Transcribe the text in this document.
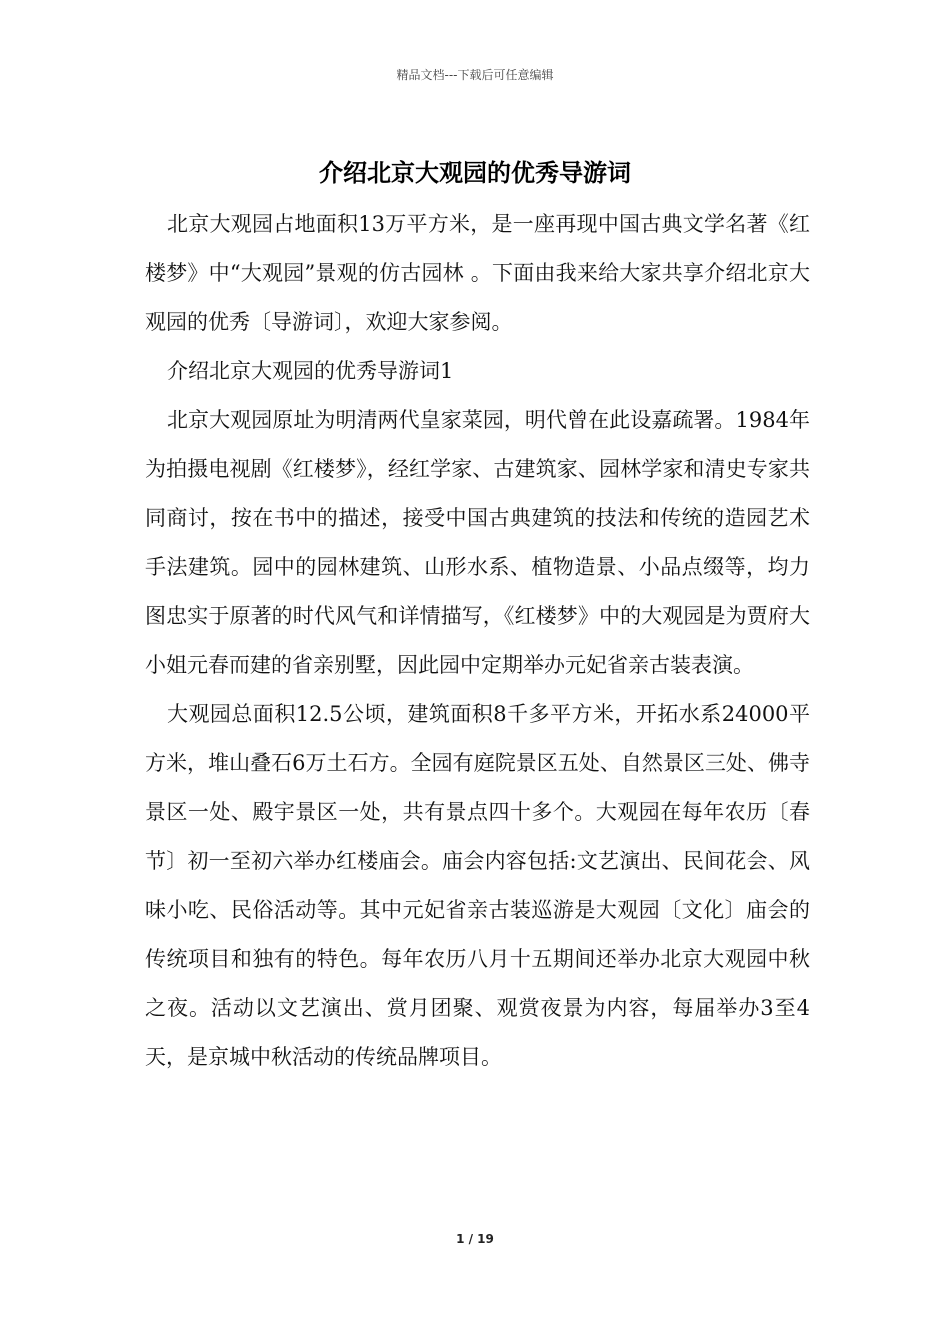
精品文档---下载后可任意编辑
介绍北京大观园的优秀导游词

北京大观园占地面积13万平方米，是一座再现中国古典文学名著《红楼梦》中“大观园”景观的仿古园林 。下面由我来给大家共享介绍北京大观园的优秀〔导游词〕，欢迎大家参阅。

介绍北京大观园的优秀导游词1

北京大观园原址为明清两代皇家菜园，明代曾在此设嘉疏署。1984年为拍摄电视剧《红楼梦》，经红学家、古建筑家、园林学家和清史专家共同商讨，按在书中的描述，接受中国古典建筑的技法和传统的造园艺术手法建筑。园中的园林建筑、山形水系、植物造景、小品点缀等，均力图忠实于原著的时代风气和详情描写，《红楼梦》中的大观园是为贾府大小姐元春而建的省亲别墅，因此园中定期举办元妃省亲古装表演。

大观园总面积12.5公顷，建筑面积8千多平方米，开拓水系24000平方米，堆山叠石6万土石方。全园有庭院景区五处、自然景区三处、佛寺景区一处、殿宇景区一处，共有景点四十多个。大观园在每年农历〔春节〕初一至初六举办红楼庙会。庙会内容包括:文艺演出、民间花会、风味小吃、民俗活动等。其中元妃省亲古装巡游是大观园〔文化〕庙会的传统项目和独有的特色。每年农历八月十五期间还举办北京大观园中秋之夜。活动以文艺演出、赏月团聚、观赏夜景为内容，每届举办3至4天，是京城中秋活动的传统品牌项目。

1 / 19
